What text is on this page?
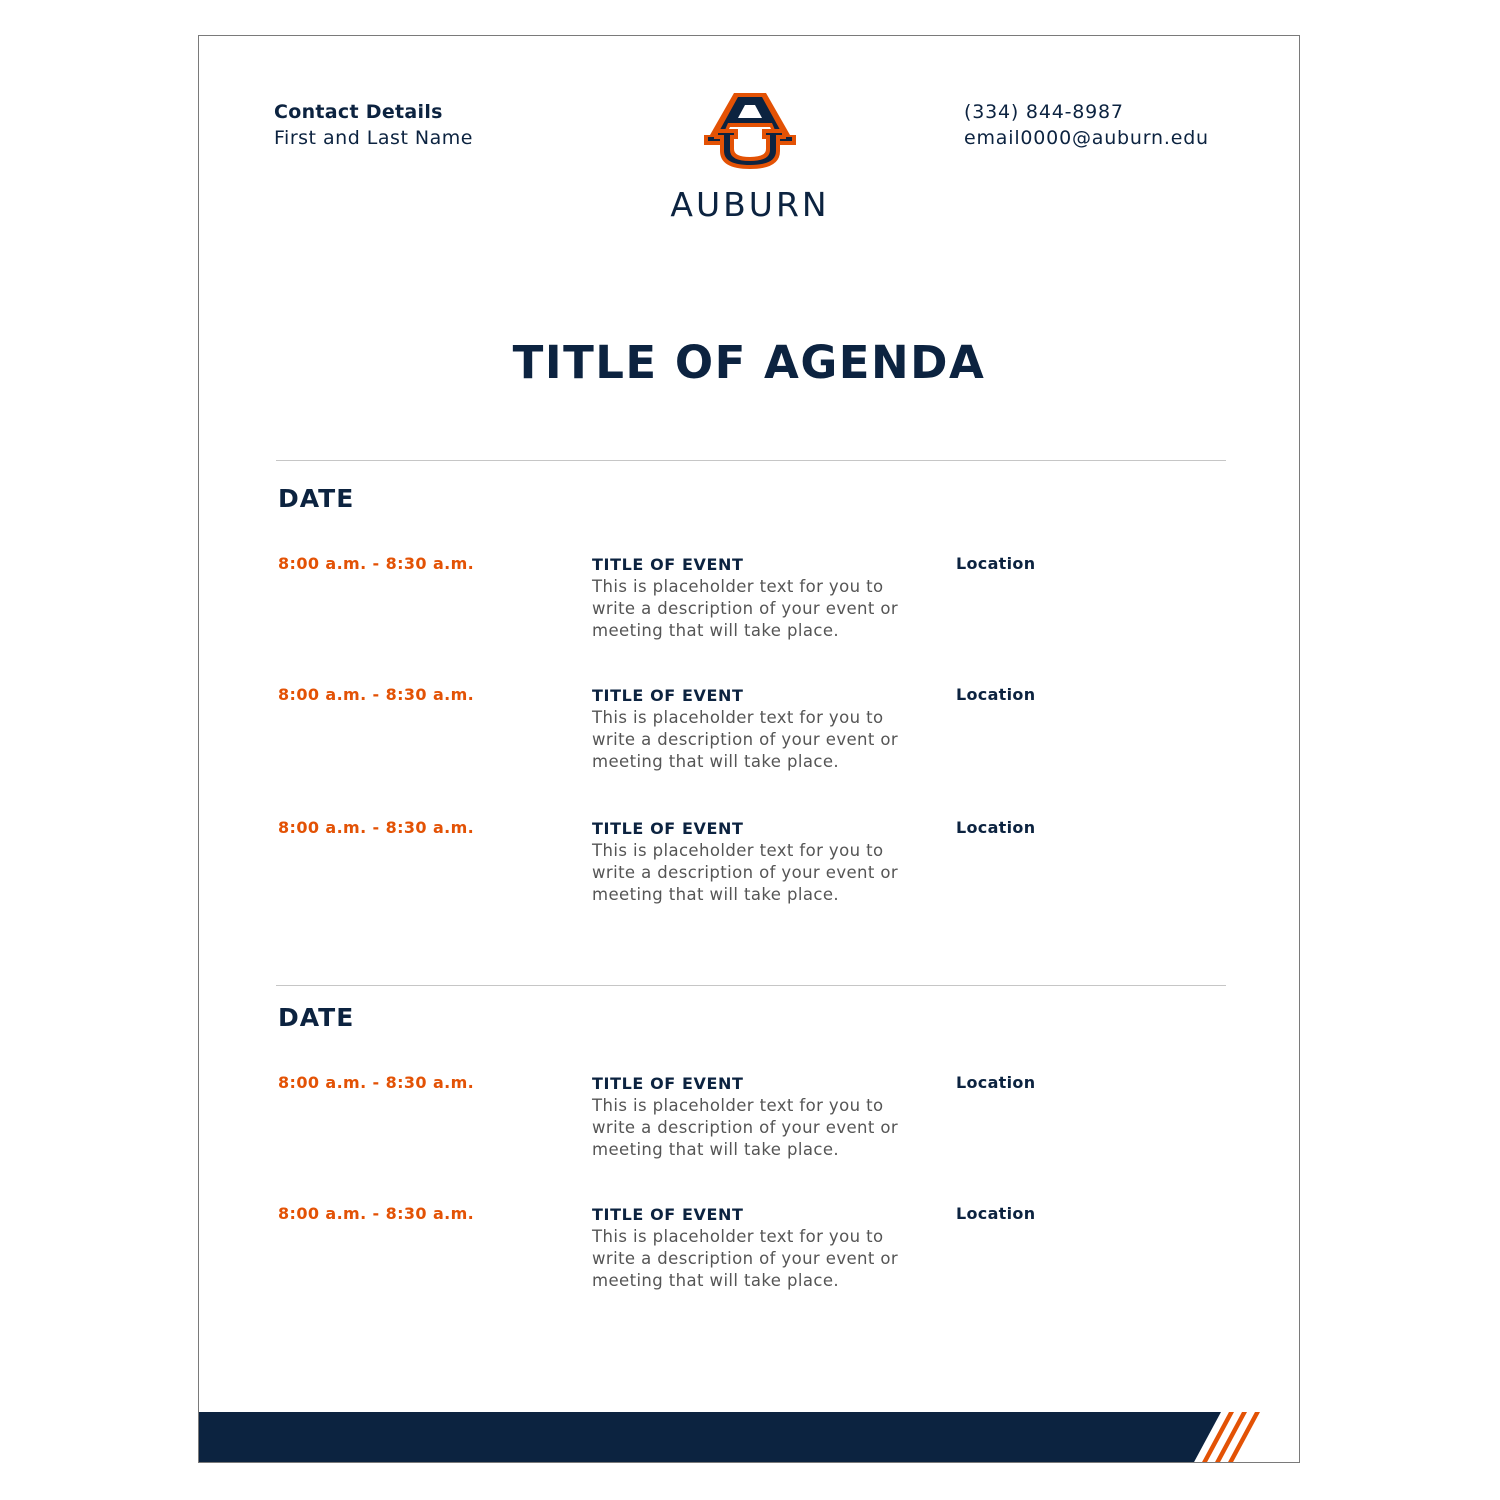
Contact Details
First and Last Name
AUBURN
(334) 844-8987
email0000@auburn.edu
TITLE OF AGENDA
DATE
8:00 a.m. - 8:30 a.m.	TITLE OF EVENT
This is placeholder text for you to
write a description of your event or
meeting that will take place.
Location
8:00 a.m. - 8:30 a.m.	TITLE OF EVENT
This is placeholder text for you to
write a description of your event or
meeting that will take place.
Location
8:00 a.m. - 8:30 a.m.	TITLE OF EVENT
This is placeholder text for you to
write a description of your event or
meeting that will take place.
Location
DATE
8:00 a.m. - 8:30 a.m.	TITLE OF EVENT
This is placeholder text for you to
write a description of your event or
meeting that will take place.
Location
8:00 a.m. - 8:30 a.m.	TITLE OF EVENT
This is placeholder text for you to
write a description of your event or
meeting that will take place.
Location
